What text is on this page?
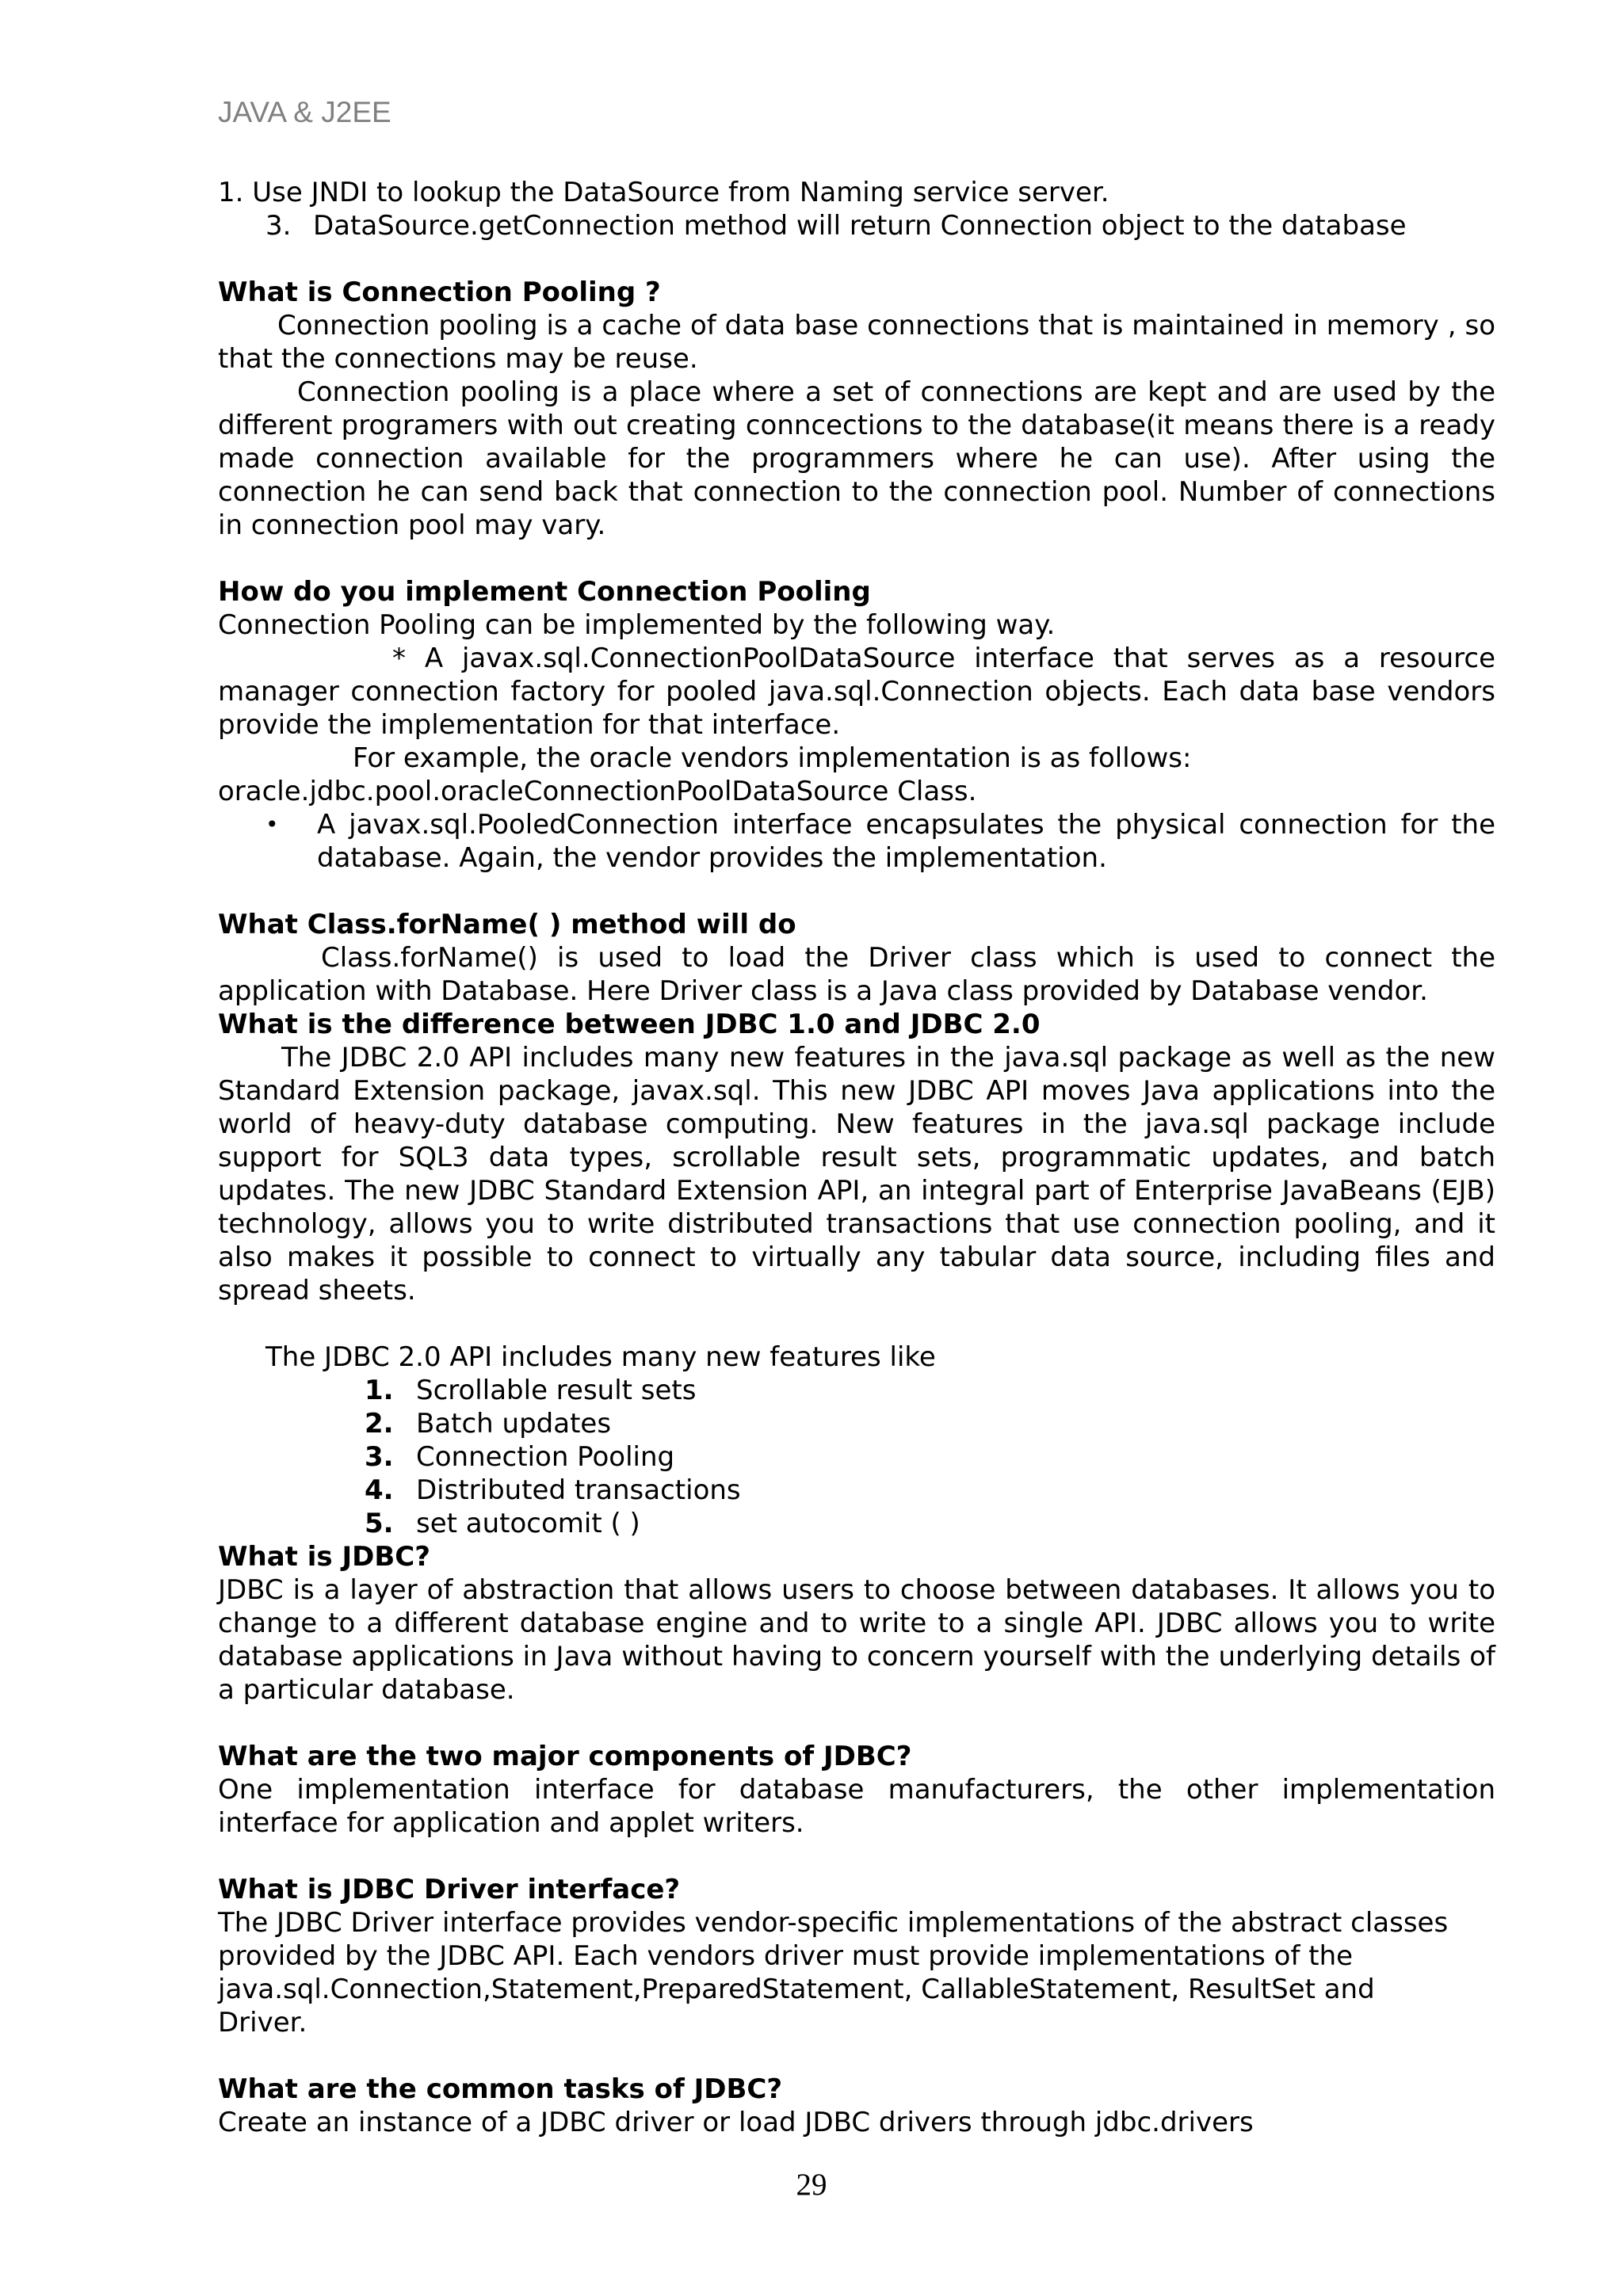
JAVA & J2EE

1. Use JNDI to lookup the DataSource from Naming service server.

3. DataSource.getConnection method will return Connection object to the database
What is Connection Pooling ?

Connection pooling is a cache of data base connections that is maintained in memory , so that the connections may be reuse.

Connection pooling is a place where a set of connections are kept and are used by the different programers with out creating conncections to the database(it means there is a ready made connection available for the programmers where he can use). After using the connection he can send back that connection to the connection pool. Number of connections in connection pool may vary.

How do you implement Connection Pooling

Connection Pooling can be implemented by the following way.

* A javax.sql.ConnectionPoolDataSource interface that serves as a resource manager connection factory for pooled java.sql.Connection objects. Each data base vendors provide the implementation for that interface.

For example, the oracle vendors implementation is as follows:

oracle.jdbc.pool.oracleConnectionPoolDataSource Class.

•	A javax.sql.PooledConnection interface encapsulates the physical connection for the database. Again, the vendor provides the implementation.
What Class.forName( ) method will do

Class.forName() is used to load the Driver class which is used to connect the application with Database. Here Driver class is a Java class provided by Database vendor.

What is the difference between JDBC 1.0 and JDBC 2.0

The JDBC 2.0 API includes many new features in the java.sql package as well as the new Standard Extension package, javax.sql. This new JDBC API moves Java applications into the world of heavy-duty database computing. New features in the java.sql package include support for SQL3 data types, scrollable result sets, programmatic updates, and batch updates. The new JDBC Standard Extension API, an integral part of Enterprise JavaBeans (EJB) technology, allows you to write distributed transactions that use connection pooling, and it also makes it possible to connect to virtually any tabular data source, including files and spread sheets.

The JDBC 2.0 API includes many new features like

1. Scrollable result sets
2. Batch updates
3. Connection Pooling
4. Distributed transactions
5. set autocomit ( )
What is JDBC?

JDBC is a layer of abstraction that allows users to choose between databases. It allows you to change to a different database engine and to write to a single API. JDBC allows you to write database applications in Java without having to concern yourself with the underlying details of a particular database.

What are the two major components of JDBC?

One implementation interface for database manufacturers, the other implementation interface for application and applet writers.

What is JDBC Driver interface?

The JDBC Driver interface provides vendor-specific implementations of the abstract classes

provided by the JDBC API. Each vendors driver must provide implementations of the

java.sql.Connection,Statement,PreparedStatement, CallableStatement, ResultSet and

Driver.

What are the common tasks of JDBC?

Create an instance of a JDBC driver or load JDBC drivers through jdbc.drivers

29
